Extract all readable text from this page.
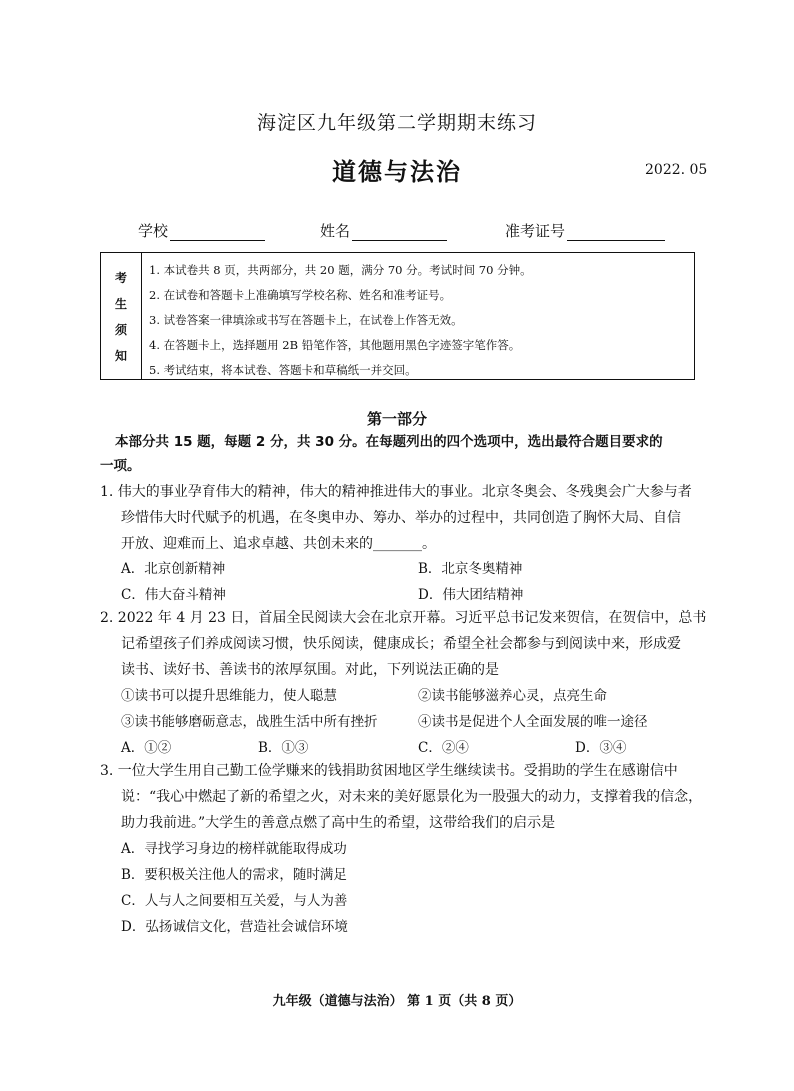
海淀区九年级第二学期期末练习
道德与法治	2022. 05
学校	姓名	准考证号
考
生
须
知
1. 本试卷共 8 页，共两部分，共 20 题，满分 70 分。考试时间 70 分钟。
2. 在试卷和答题卡上准确填写学校名称、姓名和准考证号。
3. 试卷答案一律填涂或书写在答题卡上，在试卷上作答无效。
4. 在答题卡上，选择题用 2B 铅笔作答，其他题用黑色字迹签字笔作答。
5. 考试结束，将本试卷、答题卡和草稿纸一并交回。
第一部分
本部分共 15 题，每题 2 分，共 30 分。在每题列出的四个选项中，选出最符合题目要求的
一项。
1. 伟大的事业孕育伟大的精神，伟大的精神推进伟大的事业。北京冬奥会、冬残奥会广大参与者
珍惜伟大时代赋予的机遇，在冬奥申办、筹办、举办的过程中，共同创造了胸怀大局、自信
开放、迎难而上、追求卓越、共创未来的_______。
A．北京创新精神	B．北京冬奥精神
C．伟大奋斗精神	D．伟大团结精神
2. 2022 年 4 月 23 日，首届全民阅读大会在北京开幕。习近平总书记发来贺信，在贺信中，总书
记希望孩子们养成阅读习惯，快乐阅读，健康成长；希望全社会都参与到阅读中来，形成爱
读书、读好书、善读书的浓厚氛围。对此，下列说法正确的是
①读书可以提升思维能力，使人聪慧	②读书能够滋养心灵，点亮生命
③读书能够磨砺意志，战胜生活中所有挫折	④读书是促进个人全面发展的唯一途径
A．①②	B．①③	C．②④	D．③④
3. 一位大学生用自己勤工俭学赚来的钱捐助贫困地区学生继续读书。受捐助的学生在感谢信中
说：“我心中燃起了新的希望之火，对未来的美好愿景化为一股强大的动力，支撑着我的信念，
助力我前进。”大学生的善意点燃了高中生的希望，这带给我们的启示是
A．寻找学习身边的榜样就能取得成功
B．要积极关注他人的需求，随时满足
C．人与人之间要相互关爱，与人为善
D．弘扬诚信文化，营造社会诚信环境
九年级（道德与法治） 第 1 页（共 8 页）
